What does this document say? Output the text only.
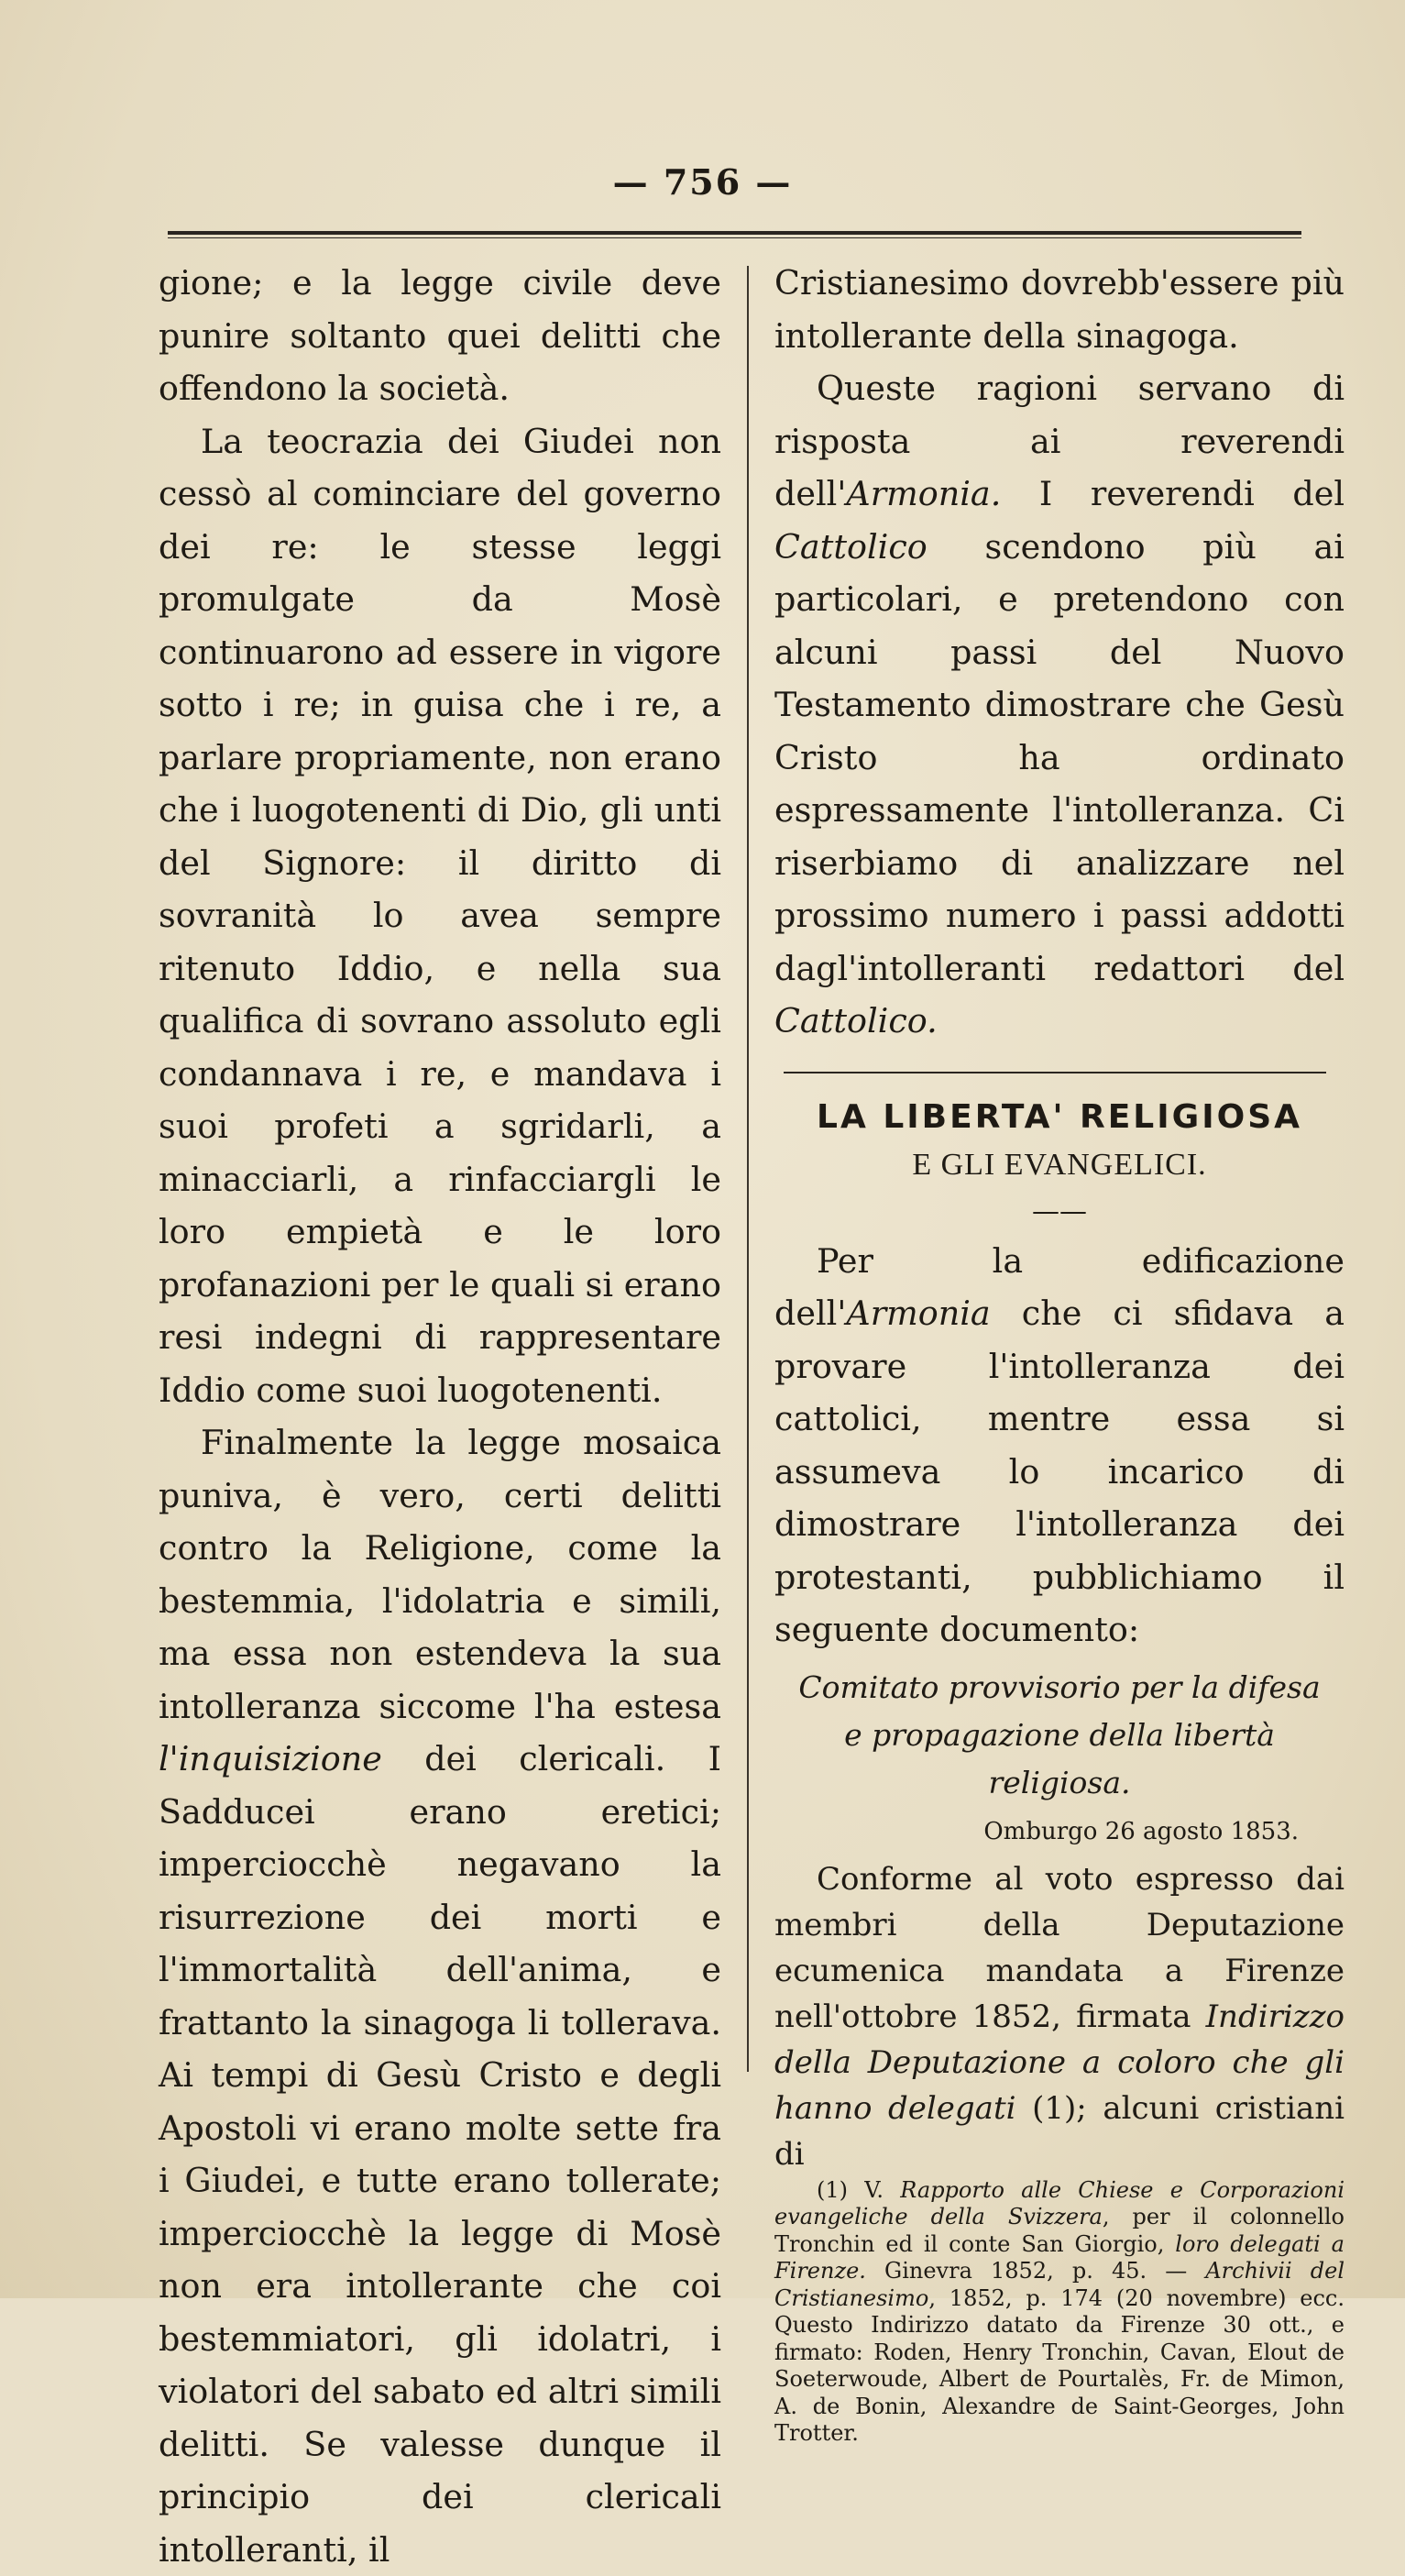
— 756 —

gione; e la legge civile deve punire soltanto quei delitti che offendono la società.

La teocrazia dei Giudei non cessò al cominciare del governo dei re: le stesse leggi promulgate da Mosè continuarono ad essere in vigore sotto i re; in guisa che i re, a parlare propriamente, non erano che i luogotenenti di Dio, gli unti del Signore: il diritto di sovranità lo avea sempre ritenuto Iddio, e nella sua qualifica di sovrano assoluto egli condannava i re, e mandava i suoi profeti a sgridarli, a minacciarli, a rinfacciargli le loro empietà e le loro profanazioni per le quali si erano resi indegni di rappresentare Iddio come suoi luogotenenti.

Finalmente la legge mosaica puniva, è vero, certi delitti contro la Religione, come la bestemmia, l'idolatria e simili, ma essa non estendeva la sua intolleranza siccome l'ha estesa l'inquisizione dei clericali. I Sadducei erano eretici; imperciocchè negavano la risurrezione dei morti e l'immortalità dell'anima, e frattanto la sinagoga li tollerava. Ai tempi di Gesù Cristo e degli Apostoli vi erano molte sette fra i Giudei, e tutte erano tollerate; imperciocchè la legge di Mosè non era intollerante che coi bestemmiatori, gli idolatri, i violatori del sabato ed altri simili delitti. Se valesse dunque il principio dei clericali intolleranti, il

Cristianesimo dovrebb'essere più intollerante della sinagoga.

Queste ragioni servano di risposta ai reverendi dell'Armonia. I reverendi del Cattolico scendono più ai particolari, e pretendono con alcuni passi del Nuovo Testamento dimostrare che Gesù Cristo ha ordinato espressamente l'intolleranza. Ci riserbiamo di analizzare nel prossimo numero i passi addotti dagl'intolleranti redattori del Cattolico.

LA LIBERTA' RELIGIOSA
E GLI EVANGELICI.
——

Per la edificazione dell'Armonia che ci sfidava a provare l'intolleranza dei cattolici, mentre essa si assumeva lo incarico di dimostrare l'intolleranza dei protestanti, pubblichiamo il seguente documento:

Comitato provvisorio per la difesa
e propagazione della libertà religiosa.
Omburgo 26 agosto 1853.

Conforme al voto espresso dai membri della Deputazione ecumenica mandata a Firenze nell'ottobre 1852, firmata Indirizzo della Deputazione a coloro che gli hanno delegati (1); alcuni cristiani di

(1) V. Rapporto alle Chiese e Corporazioni evangeliche della Svizzera, per il colonnello Tronchin ed il conte San Giorgio, loro delegati a Firenze. Ginevra 1852, p. 45. — Archivii del Cristianesimo, 1852, p. 174 (20 novembre) ecc. Questo Indirizzo datato da Firenze 30 ott., e firmato: Roden, Henry Tronchin, Cavan, Elout de Soeterwoude, Albert de Pourtalès, Fr. de Mimon, A. de Bonin, Alexandre de Saint-Georges, John Trotter.
